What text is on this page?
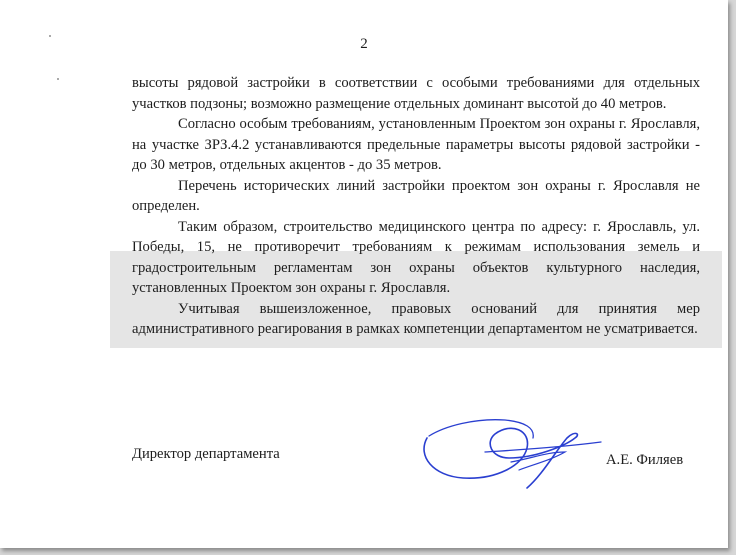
2

высоты рядовой застройки в соответствии с особыми требованиями для отдельных участков подзоны; возможно размещение отдельных доминант высотой до 40 метров.

Согласно особым требованиям, установленным Проектом зон охраны г. Ярославля, на участке ЗРЗ.4.2 устанавливаются предельные параметры высоты рядовой застройки - до 30 метров, отдельных акцентов - до 35 метров.

Перечень исторических линий застройки проектом зон охраны г. Ярославля не определен.

Таким образом, строительство медицинского центра по адресу: г. Ярославль, ул. Победы, 15, не противоречит требованиям к режимам использования земель и градостроительным регламентам зон охраны объектов культурного наследия, установленных Проектом зон охраны г. Ярославля.

Учитывая вышеизложенное, правовых оснований для принятия мер административного реагирования в рамках компетенции департаментом не усматривается.

Директор департамента	А.Е. Филяев
